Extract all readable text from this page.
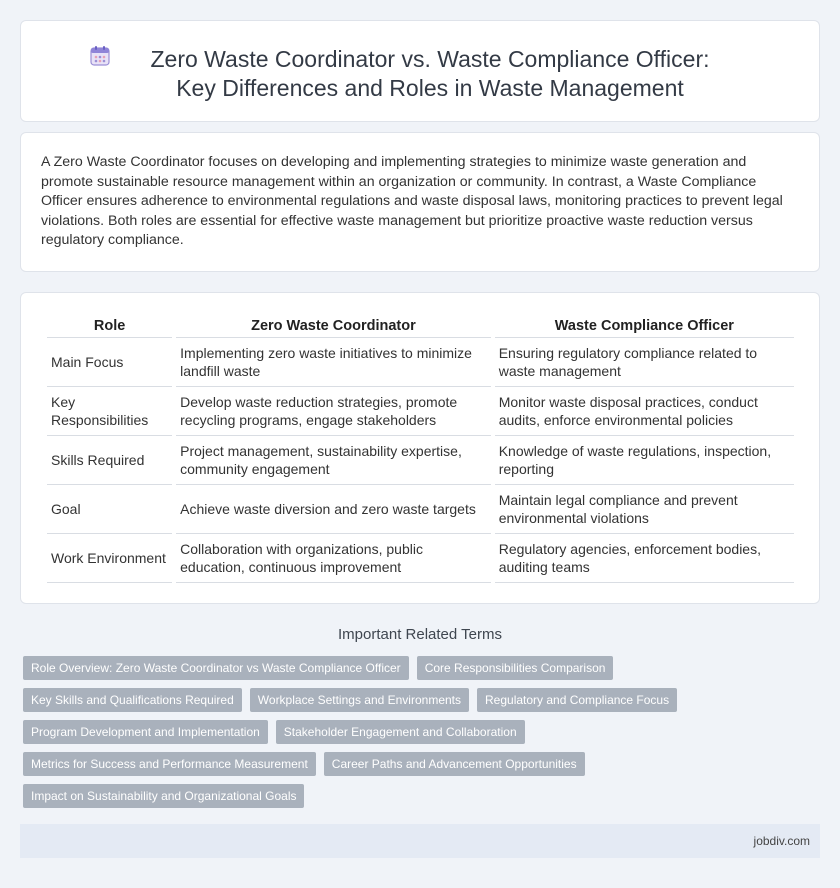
Zero Waste Coordinator vs. Waste Compliance Officer: Key Differences and Roles in Waste Management

A Zero Waste Coordinator focuses on developing and implementing strategies to minimize waste generation and promote sustainable resource management within an organization or community. In contrast, a Waste Compliance Officer ensures adherence to environmental regulations and waste disposal laws, monitoring practices to prevent legal violations. Both roles are essential for effective waste management but prioritize proactive waste reduction versus regulatory compliance.

Role	Zero Waste Coordinator	Waste Compliance Officer
Main Focus	Implementing zero waste initiatives to minimize landfill waste	Ensuring regulatory compliance related to waste management
Key Responsibilities	Develop waste reduction strategies, promote recycling programs, engage stakeholders	Monitor waste disposal practices, conduct audits, enforce environmental policies
Skills Required	Project management, sustainability expertise, community engagement	Knowledge of waste regulations, inspection, reporting
Goal	Achieve waste diversion and zero waste targets	Maintain legal compliance and prevent environmental violations
Work Environment	Collaboration with organizations, public education, continuous improvement	Regulatory agencies, enforcement bodies, auditing teams
Important Related Terms
Role Overview: Zero Waste Coordinator vs Waste Compliance Officer	Core Responsibilities Comparison
Key Skills and Qualifications Required	Workplace Settings and Environments	Regulatory and Compliance Focus
Program Development and Implementation	Stakeholder Engagement and Collaboration
Metrics for Success and Performance Measurement	Career Paths and Advancement Opportunities
Impact on Sustainability and Organizational Goals
jobdiv.com
